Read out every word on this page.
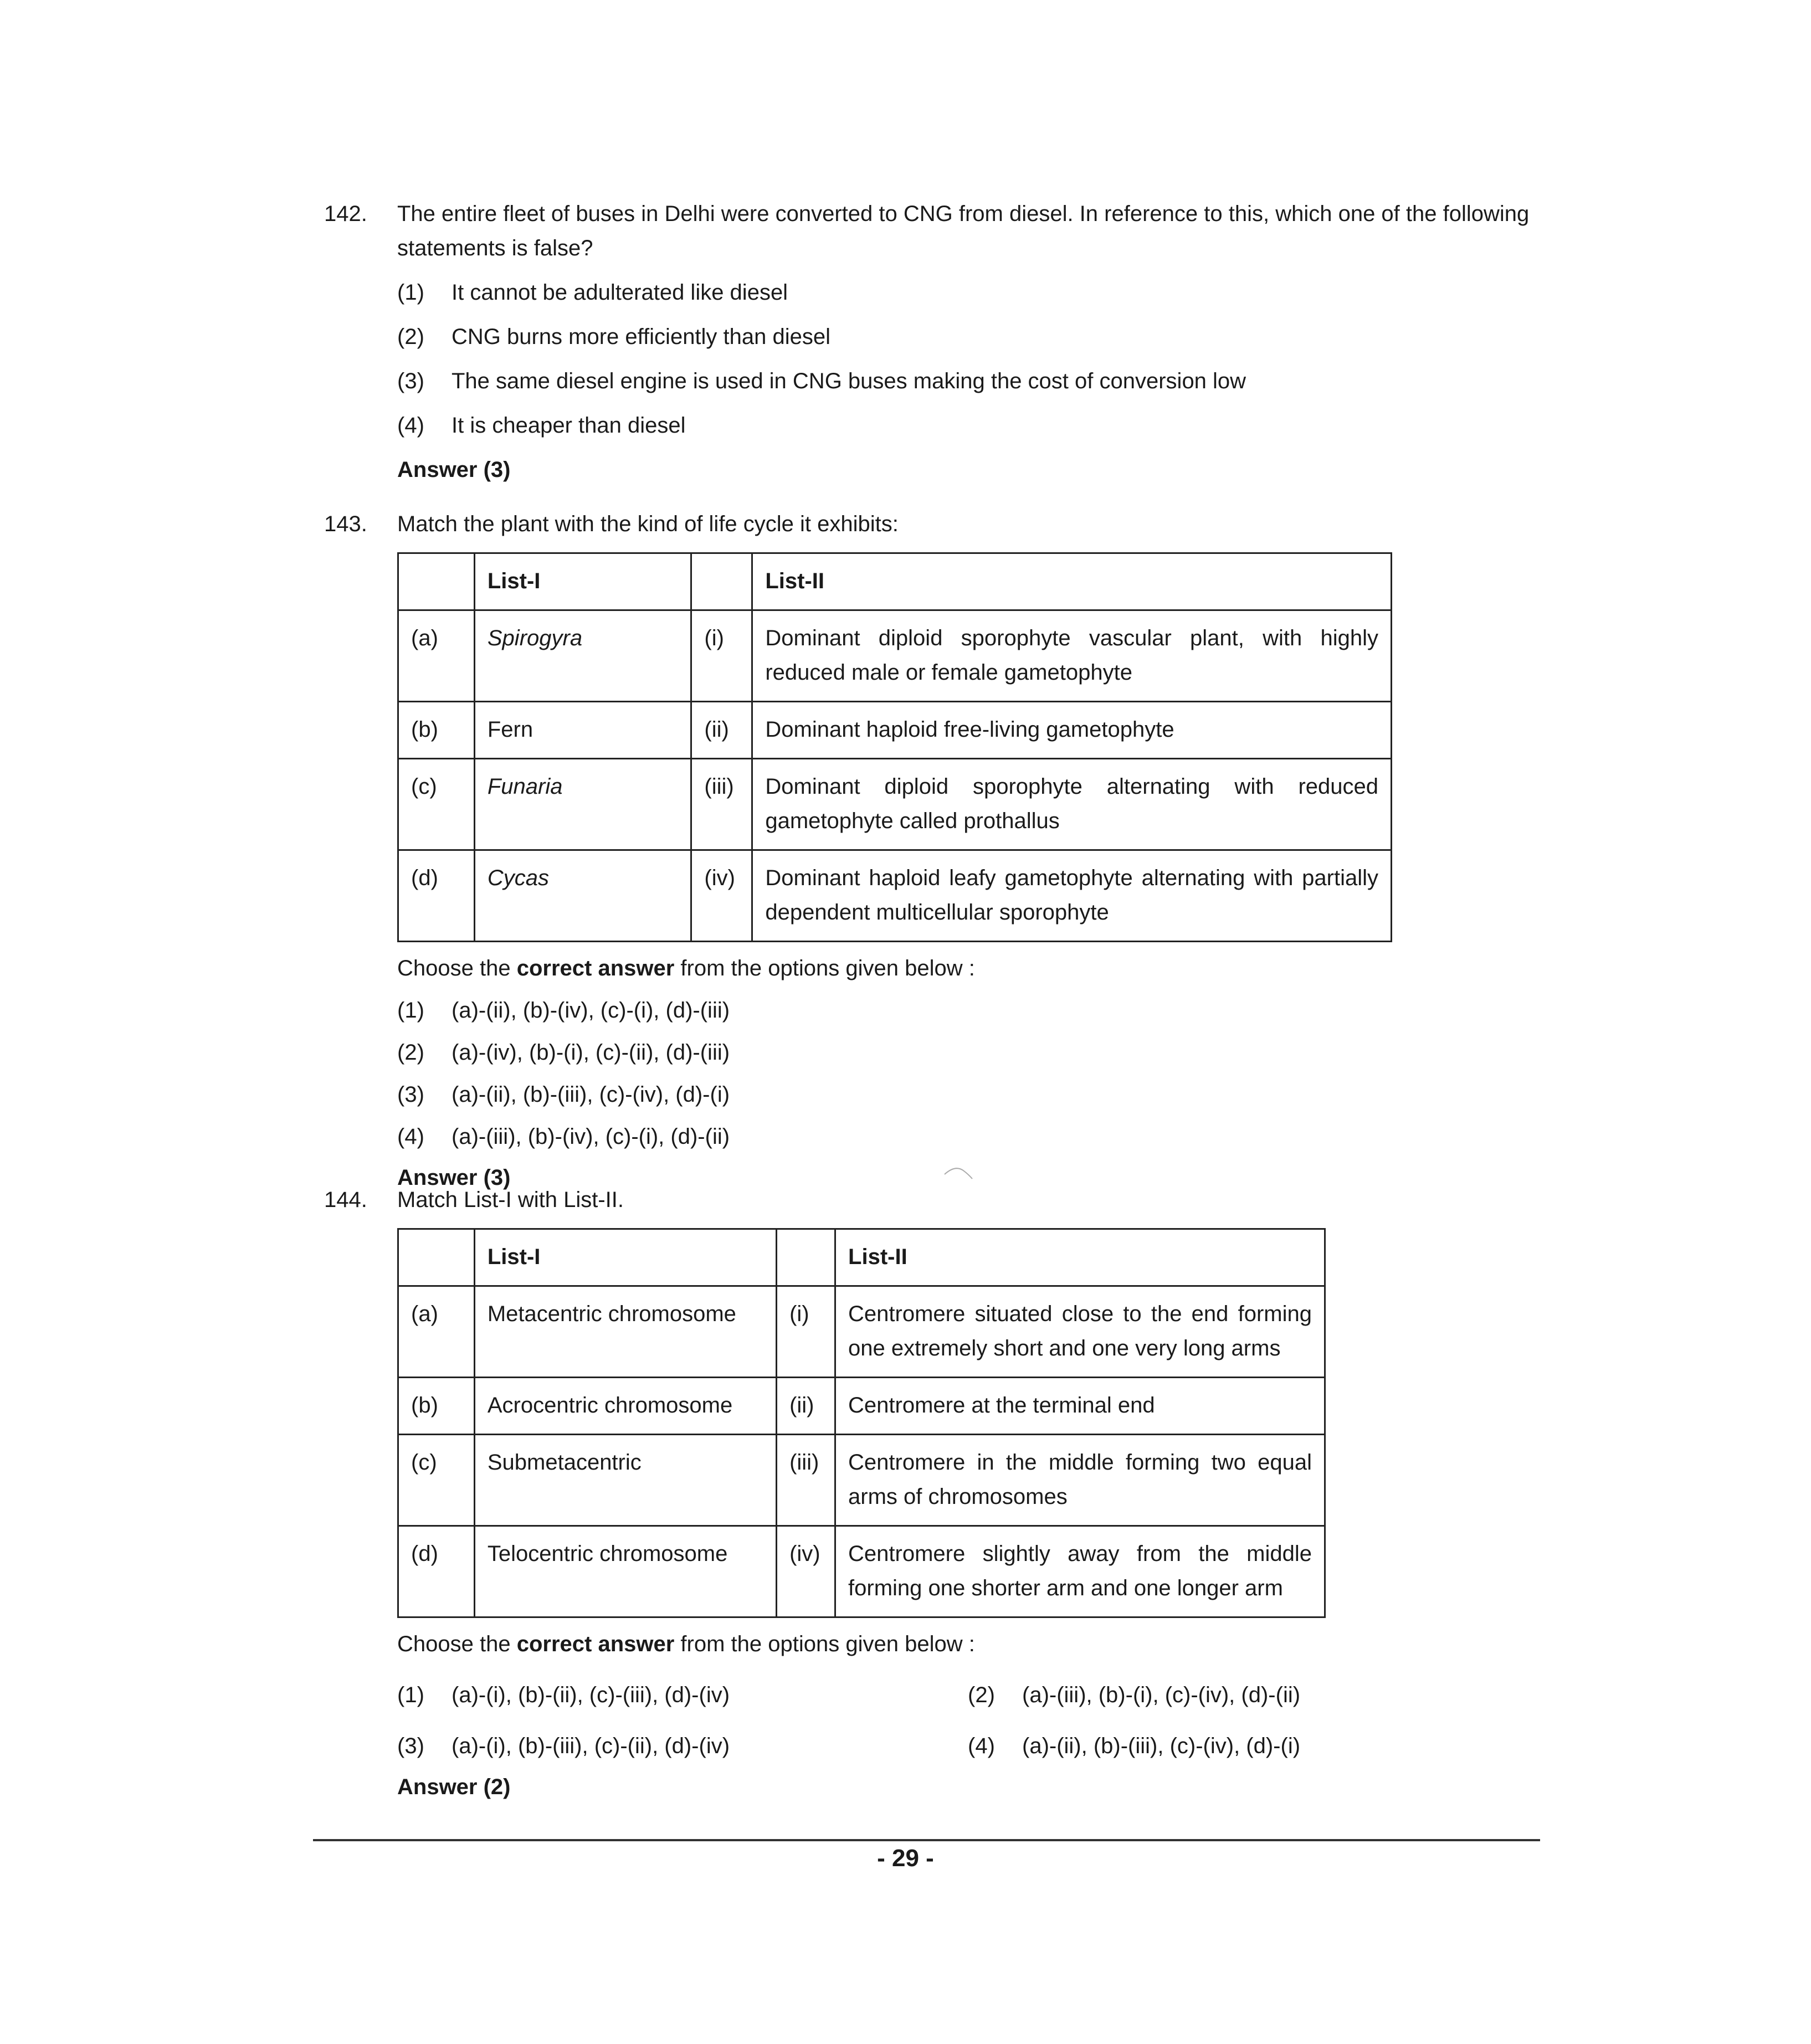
142.	The entire fleet of buses in Delhi were converted to CNG from diesel. In reference to this, which one of the following statements is false?
(1)	It cannot be adulterated like diesel
(2)	CNG burns more efficiently than diesel
(3)	The same diesel engine is used in CNG buses making the cost of conversion low
(4)	It is cheaper than diesel
Answer (3)
143.	Match the plant with the kind of life cycle it exhibits:
	List-I		List-II
(a)	Spirogyra	(i)	Dominant diploid sporophyte vascular plant, with highly reduced male or female gametophyte
(b)	Fern	(ii)	Dominant haploid free-living gametophyte
(c)	Funaria	(iii)	Dominant diploid sporophyte alternating with reduced gametophyte called prothallus
(d)	Cycas	(iv)	Dominant haploid leafy gametophyte alternating with partially dependent multicellular sporophyte
Choose the correct answer from the options given below :
(1)	(a)-(ii), (b)-(iv), (c)-(i), (d)-(iii)
(2)	(a)-(iv), (b)-(i), (c)-(ii), (d)-(iii)
(3)	(a)-(ii), (b)-(iii), (c)-(iv), (d)-(i)
(4)	(a)-(iii), (b)-(iv), (c)-(i), (d)-(ii)
Answer (3)
144.	Match List-I with List-II.
	List-I		List-II
(a)	Metacentric chromosome	(i)	Centromere situated close to the end forming one extremely short and one very long arms
(b)	Acrocentric chromosome	(ii)	Centromere at the terminal end
(c)	Submetacentric	(iii)	Centromere in the middle forming two equal arms of chromosomes
(d)	Telocentric chromosome	(iv)	Centromere slightly away from the middle forming one shorter arm and one longer arm
Choose the correct answer from the options given below :
(1)	(a)-(i), (b)-(ii), (c)-(iii), (d)-(iv)	(2)	(a)-(iii), (b)-(i), (c)-(iv), (d)-(ii)
(3)	(a)-(i), (b)-(iii), (c)-(ii), (d)-(iv)	(4)	(a)-(ii), (b)-(iii), (c)-(iv), (d)-(i)
Answer (2)
- 29 -
